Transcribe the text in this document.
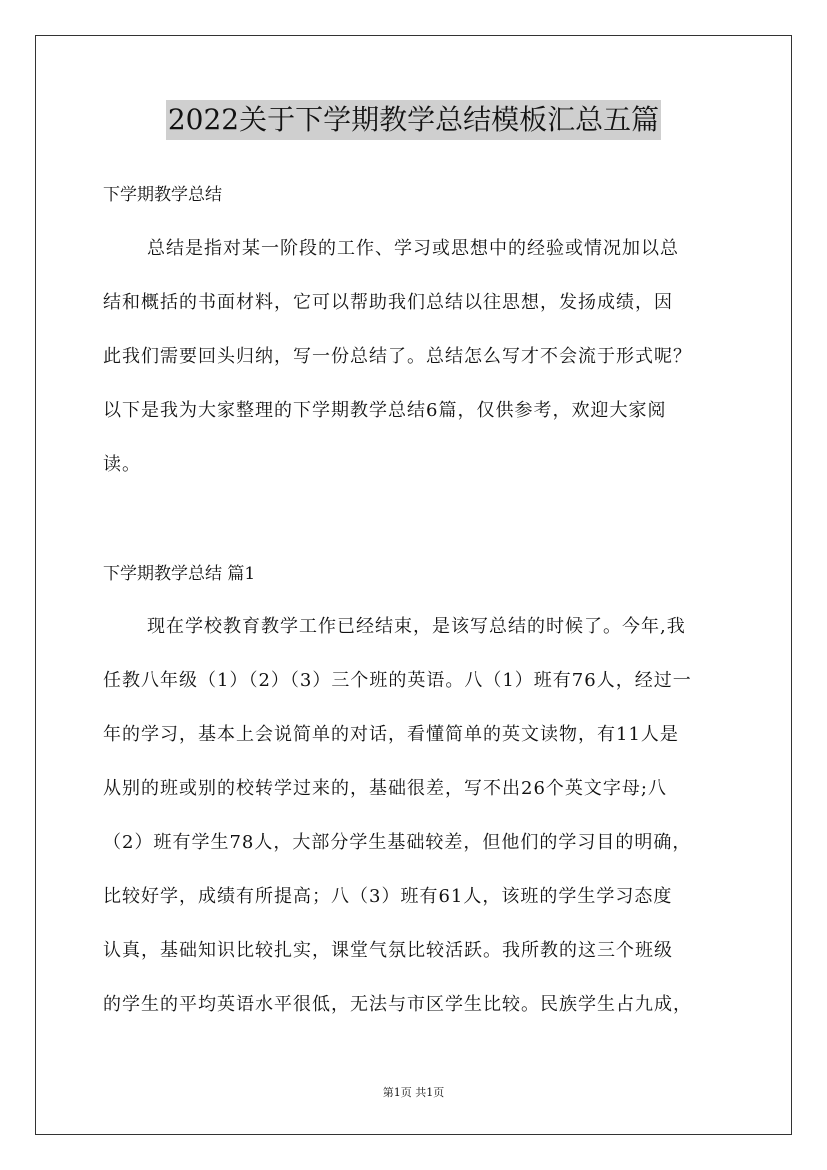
2022关于下学期教学总结模板汇总五篇
下学期教学总结
总结是指对某一阶段的工作、学习或思想中的经验或情况加以总
结和概括的书面材料，它可以帮助我们总结以往思想，发扬成绩，因
此我们需要回头归纳，写一份总结了。总结怎么写才不会流于形式呢？
以下是我为大家整理的下学期教学总结6篇，仅供参考，欢迎大家阅
读。
下学期教学总结 篇1
现在学校教育教学工作已经结束，是该写总结的时候了。今年,我
任教八年级（1）（2）（3）三个班的英语。八（1）班有76人，经过一
年的学习，基本上会说简单的对话，看懂简单的英文读物，有11人是
从别的班或别的校转学过来的，基础很差，写不出26个英文字母;八
（2）班有学生78人，大部分学生基础较差，但他们的学习目的明确，
比较好学，成绩有所提高；八（3）班有61人，该班的学生学习态度
认真，基础知识比较扎实，课堂气氛比较活跃。我所教的这三个班级
的学生的平均英语水平很低，无法与市区学生比较。民族学生占九成，
第1页 共1页
